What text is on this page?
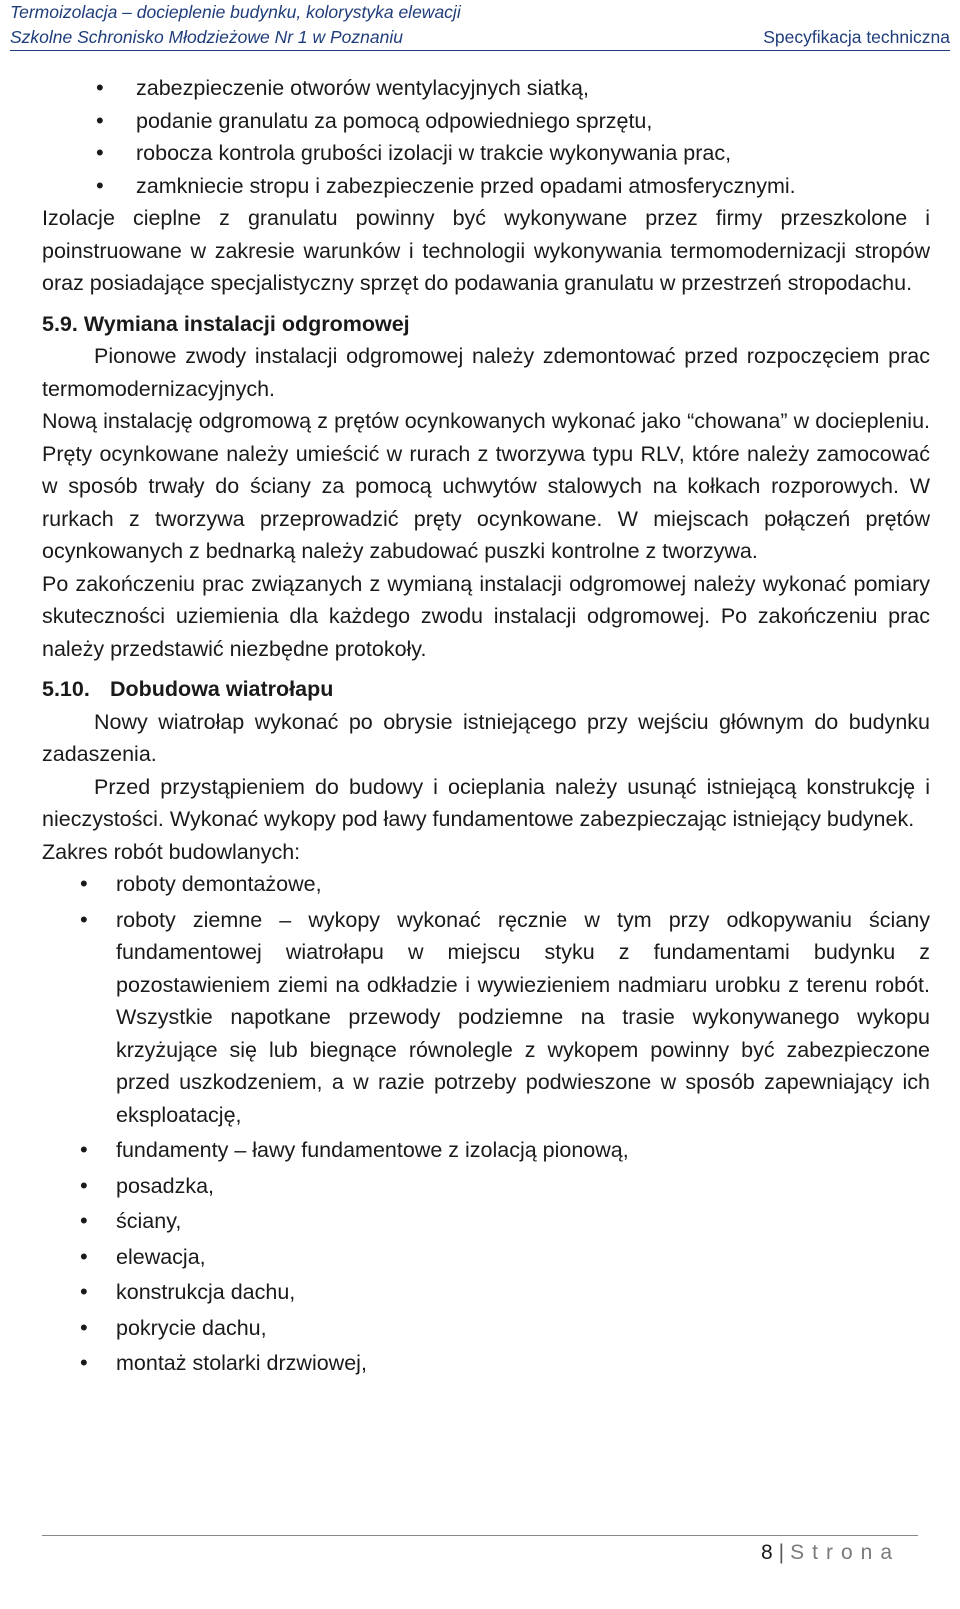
Termoizolacja – docieplenie budynku, kolorystyka elewacji
Szkolne Schronisko Młodzieżowe Nr 1 w Poznaniu	Specyfikacja techniczna
• zabezpieczenie otworów wentylacyjnych siatką,
• podanie granulatu za pomocą odpowiedniego sprzętu,
• robocza kontrola grubości izolacji w trakcie wykonywania prac,
• zamkniecie stropu i zabezpieczenie przed opadami atmosferycznymi.

Izolacje cieplne z granulatu powinny być wykonywane przez firmy przeszkolone i poinstruowane w zakresie warunków i technologii wykonywania termomodernizacji stropów oraz posiadające specjalistyczny sprzęt do podawania granulatu w przestrzeń stropodachu.

5.9. Wymiana instalacji odgromowej

Pionowe zwody instalacji odgromowej należy zdemontować przed rozpoczęciem prac termomodernizacyjnych.

Nową instalację odgromową z prętów ocynkowanych wykonać jako “chowana” w dociepleniu. Pręty ocynkowane należy umieścić w rurach z tworzywa typu RLV, które należy zamocować w sposób trwały do ściany za pomocą uchwytów stalowych na kołkach rozporowych. W rurkach z tworzywa przeprowadzić pręty ocynkowane. W miejscach połączeń prętów ocynkowanych z bednarką należy zabudować puszki kontrolne z tworzywa.

Po zakończeniu prac związanych z wymianą instalacji odgromowej należy wykonać pomiary skuteczności uziemienia dla każdego zwodu instalacji odgromowej. Po zakończeniu prac należy przedstawić niezbędne protokoły.

5.10. Dobudowa wiatrołapu

Nowy wiatrołap wykonać po obrysie istniejącego przy wejściu głównym do budynku zadaszenia.

Przed przystąpieniem do budowy i ocieplania należy usunąć istniejącą konstrukcję i nieczystości. Wykonać wykopy pod ławy fundamentowe zabezpieczając istniejący budynek.

Zakres robót budowlanych:

• roboty demontażowe,
• roboty ziemne – wykopy wykonać ręcznie w tym przy odkopywaniu ściany fundamentowej wiatrołapu w miejscu styku z fundamentami budynku z pozostawieniem ziemi na odkładzie i wywiezieniem nadmiaru urobku z terenu robót. Wszystkie napotkane przewody podziemne na trasie wykonywanego wykopu krzyżujące się lub biegnące równolegle z wykopem powinny być zabezpieczone przed uszkodzeniem, a w razie potrzeby podwieszone w sposób zapewniający ich eksploatację,
• fundamenty – ławy fundamentowe z izolacją pionową,
• posadzka,
• ściany,
• elewacja,
• konstrukcja dachu,
• pokrycie dachu,
• montaż stolarki drzwiowej,
8 | Strona
